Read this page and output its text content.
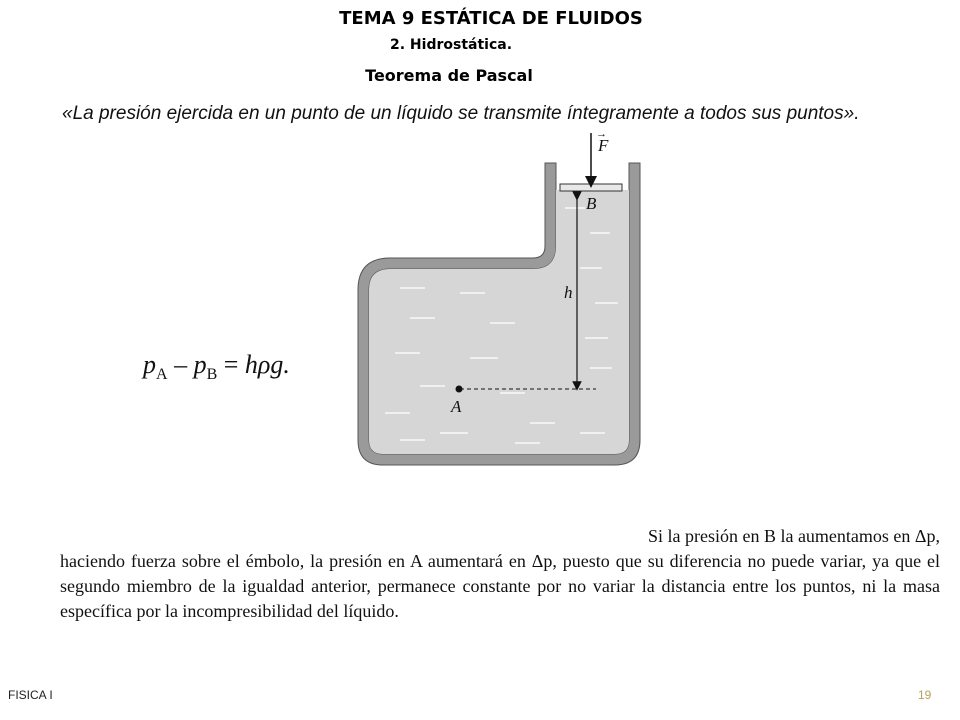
TEMA 9 ESTÁTICA DE FLUIDOS
2. Hidrostática.
Teorema de Pascal
«La presión ejercida en un punto de un líquido se transmite íntegramente a todos sus puntos».
$p_A - p_B = h\rho g$.
→
F
B
h
A
Si la presión en B la aumentamos en Δp,
haciendo fuerza sobre el émbolo, la presión en A aumentará en Δp, puesto que su diferencia no puede variar, ya que el segundo miembro de la igualdad anterior, permanece constante por no variar la distancia entre los puntos, ni la masa específica por la incompresibilidad del líquido.
FISICA I	19
